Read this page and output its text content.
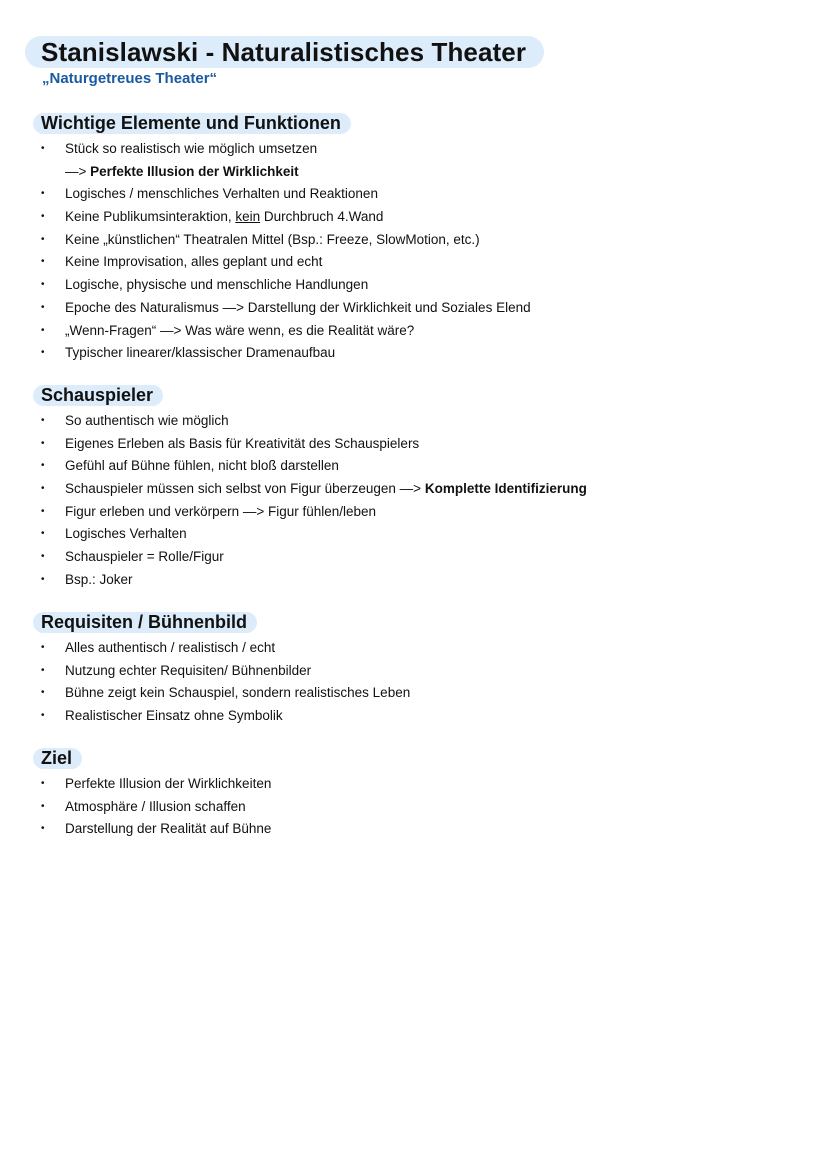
Stanislawski - Naturalistisches Theater
„Naturgetreues Theater“
Wichtige Elemente und Funktionen
• Stück so realistisch wie möglich umsetzen
—> Perfekte Illusion der Wirklichkeit
• Logisches / menschliches Verhalten und Reaktionen
• Keine Publikumsinteraktion, kein Durchbruch 4.Wand
• Keine „künstlichen“ Theatralen Mittel (Bsp.: Freeze, SlowMotion, etc.)
• Keine Improvisation, alles geplant und echt
• Logische, physische und menschliche Handlungen
• Epoche des Naturalismus —> Darstellung der Wirklichkeit und Soziales Elend
• „Wenn-Fragen“ —> Was wäre wenn, es die Realität wäre?
• Typischer linearer/klassischer Dramenaufbau
Schauspieler
• So authentisch wie möglich
• Eigenes Erleben als Basis für Kreativität des Schauspielers
• Gefühl auf Bühne fühlen, nicht bloß darstellen
• Schauspieler müssen sich selbst von Figur überzeugen —> Komplette Identifizierung
• Figur erleben und verkörpern —> Figur fühlen/leben
• Logisches Verhalten
• Schauspieler = Rolle/Figur
• Bsp.: Joker
Requisiten / Bühnenbild
• Alles authentisch / realistisch / echt
• Nutzung echter Requisiten/ Bühnenbilder
• Bühne zeigt kein Schauspiel, sondern realistisches Leben
• Realistischer Einsatz ohne Symbolik
Ziel
• Perfekte Illusion der Wirklichkeiten
• Atmosphäre / Illusion schaffen
• Darstellung der Realität auf Bühne
